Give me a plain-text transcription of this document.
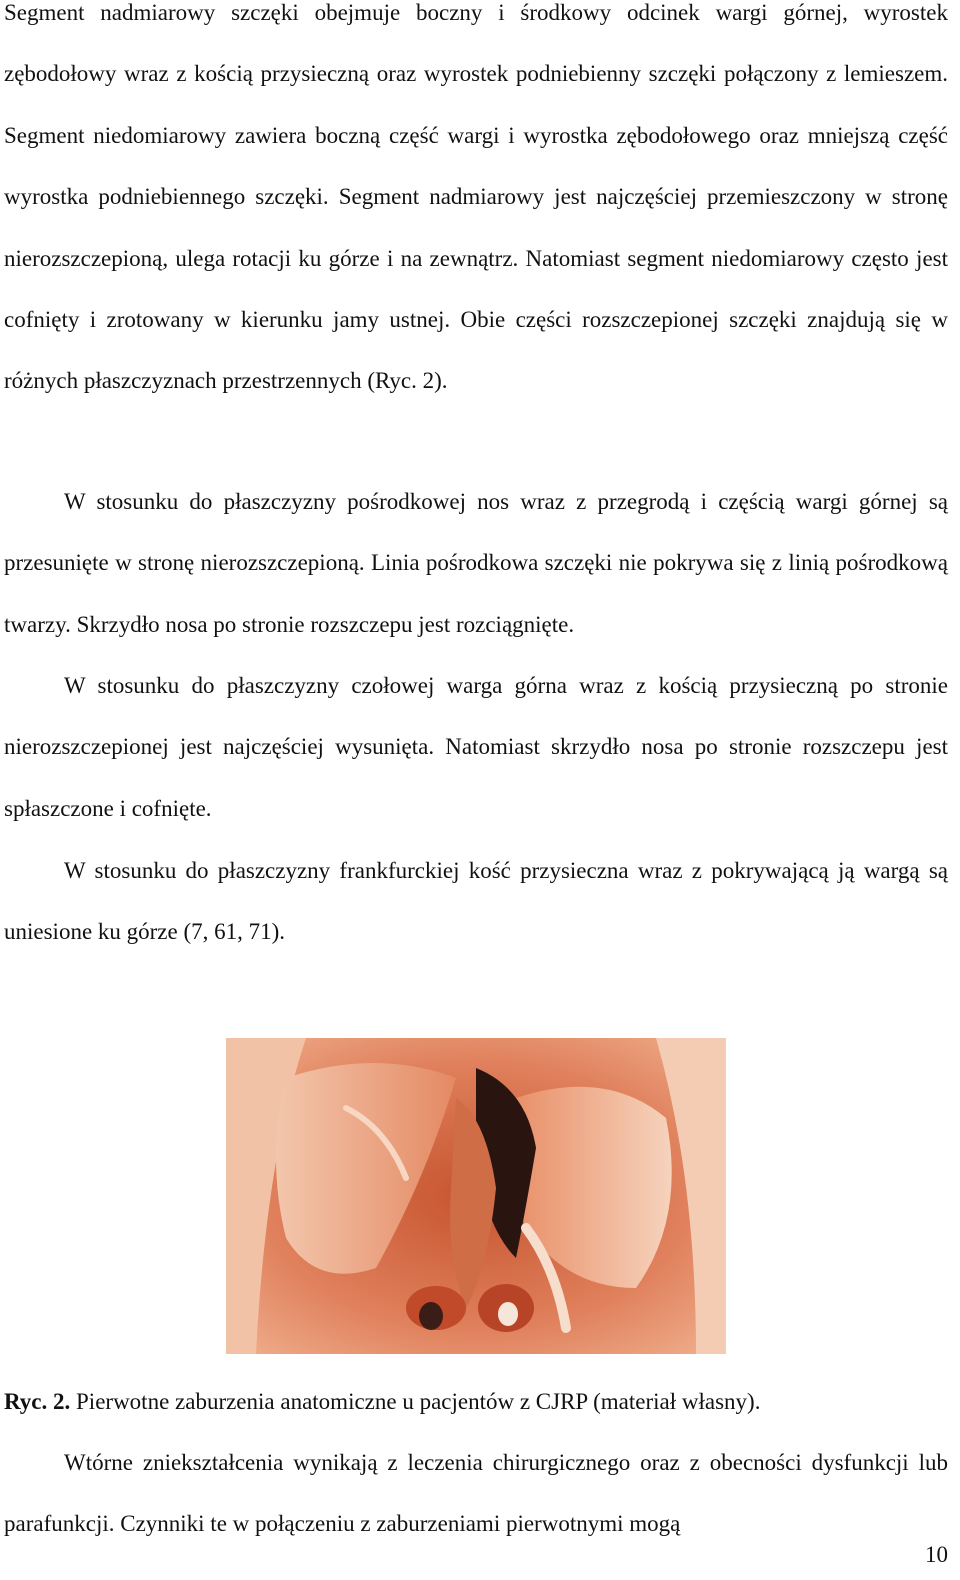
Segment nadmiarowy szczęki obejmuje boczny i środkowy odcinek wargi górnej, wyrostek zębodołowy wraz z kością przysieczną oraz wyrostek podniebienny szczęki połączony z lemieszem. Segment niedomiarowy zawiera boczną część wargi i wyrostka zębodołowego oraz mniejszą część wyrostka podniebiennego szczęki. Segment nadmiarowy jest najczęściej przemieszczony w stronę nierozszczepioną, ulega rotacji ku górze i na zewnątrz. Natomiast segment niedomiarowy często jest cofnięty i zrotowany w kierunku jamy ustnej. Obie części rozszczepionej szczęki znajdują się w różnych płaszczyznach przestrzennych (Ryc. 2).

W stosunku do płaszczyzny pośrodkowej nos wraz z przegrodą i częścią wargi górnej są przesunięte w stronę nierozszczepioną. Linia pośrodkowa szczęki nie pokrywa się z linią pośrodkową twarzy. Skrzydło nosa po stronie rozszczepu jest rozciągnięte.

W stosunku do płaszczyzny czołowej warga górna wraz z kością przysieczną po stronie nierozszczepionej jest najczęściej wysunięta. Natomiast skrzydło nosa po stronie rozszczepu jest spłaszczone i cofnięte.

W stosunku do płaszczyzny frankfurckiej kość przysieczna wraz z pokrywającą ją wargą są uniesione ku górze (7, 61, 71).

Ryc. 2. Pierwotne zaburzenia anatomiczne u pacjentów z CJRP (materiał własny).

Wtórne zniekształcenia wynikają z leczenia chirurgicznego oraz z obecności dysfunkcji lub parafunkcji. Czynniki te w połączeniu z zaburzeniami pierwotnymi mogą

10
